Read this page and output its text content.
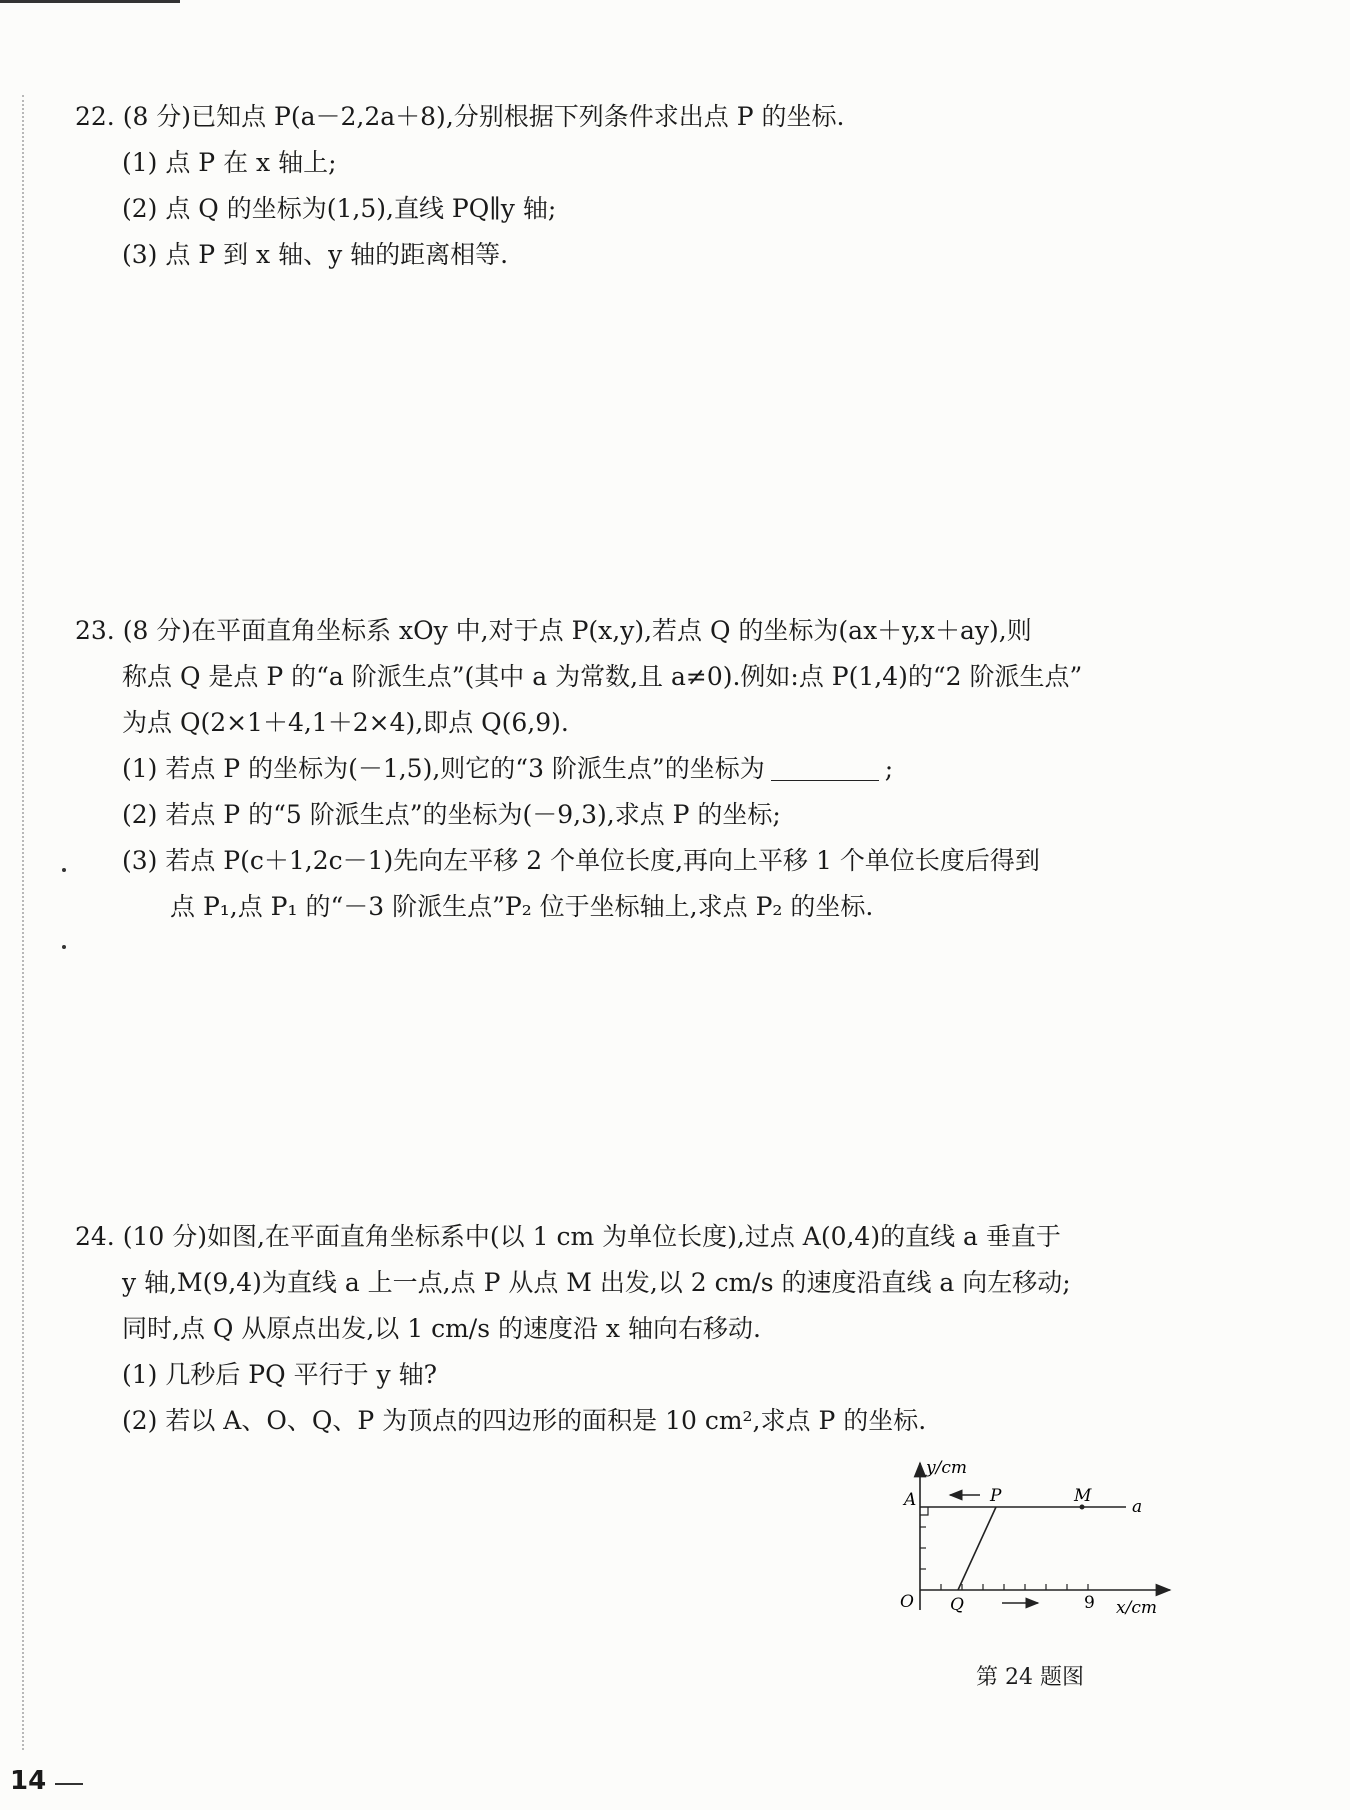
22. (8 分)已知点 P(a－2,2a＋8),分别根据下列条件求出点 P 的坐标.
(1) 点 P 在 x 轴上;
(2) 点 Q 的坐标为(1,5),直线 PQ∥y 轴;
(3) 点 P 到 x 轴、y 轴的距离相等.
23. (8 分)在平面直角坐标系 xOy 中,对于点 P(x,y),若点 Q 的坐标为(ax＋y,x＋ay),则
称点 Q 是点 P 的“a 阶派生点”(其中 a 为常数,且 a≠0).例如:点 P(1,4)的“2 阶派生点”
为点 Q(2×1＋4,1＋2×4),即点 Q(6,9).
(1) 若点 P 的坐标为(－1,5),则它的“3 阶派生点”的坐标为	;
(2) 若点 P 的“5 阶派生点”的坐标为(－9,3),求点 P 的坐标;
(3) 若点 P(c＋1,2c－1)先向左平移 2 个单位长度,再向上平移 1 个单位长度后得到
点 P₁,点 P₁ 的“－3 阶派生点”P₂ 位于坐标轴上,求点 P₂ 的坐标.
24. (10 分)如图,在平面直角坐标系中(以 1 cm 为单位长度),过点 A(0,4)的直线 a 垂直于
y 轴,M(9,4)为直线 a 上一点,点 P 从点 M 出发,以 2 cm/s 的速度沿直线 a 向左移动;
同时,点 Q 从原点出发,以 1 cm/s 的速度沿 x 轴向右移动.
(1) 几秒后 PQ 平行于 y 轴?
(2) 若以 A、O、Q、P 为顶点的四边形的面积是 10 cm²,求点 P 的坐标.
y/cm
A	P	M
a
O Q	9 x/cm
第 24 题图
14
